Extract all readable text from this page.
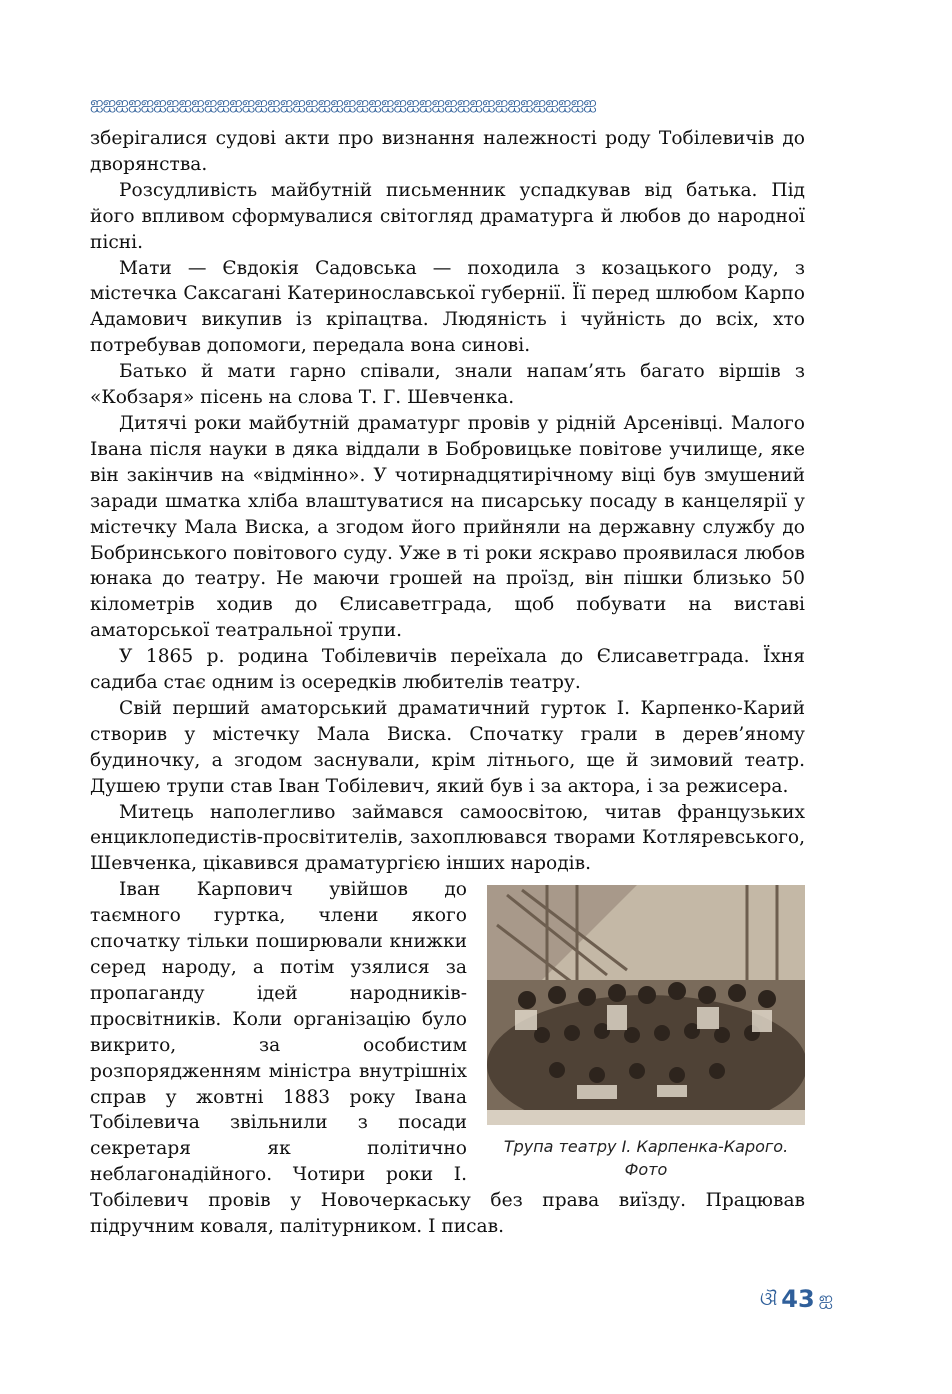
ஐஐஐஐஐஐஐஐஐஐஐஐஐஐஐஐஐஐஐஐஐஐஐஐஐஐஐஐஐஐஐஐஐஐஐஐஐஐஐஐ

зберігалися судові акти про визнання належності роду Тобілевичів до дворянства.

Розсудливість майбутній письменник успадкував від батька. Під його впливом сформувалися світогляд драматурга й любов до народної пісні.

Мати — Євдокія Садовська — походила з козацького роду, з містечка Саксагані Катеринославської губернії. Її перед шлюбом Карпо Адамович викупив із кріпацтва. Людяність і чуйність до всіх, хто потребував допомоги, передала вона синові.

Батько й мати гарно співали, знали напам’ять багато віршів з «Кобзаря» пісень на слова Т. Г. Шевченка.

Дитячі роки майбутній драматург провів у рідній Арсенівці. Малого Івана після науки в дяка віддали в Бобровицьке повітове училище, яке він закінчив на «відмінно». У чотирнадцятирічному віці був змушений заради шматка хліба влаштуватися на писарську посаду в канцелярії у містечку Мала Виска, а згодом його прийняли на державну службу до Бобринського повітового суду. Уже в ті роки яскраво проявилася любов юнака до театру. Не маючи грошей на проїзд, він пішки близько 50 кілометрів ходив до Єлисаветграда, щоб побувати на виставі аматорської театральної трупи.

У 1865 р. родина Тобілевичів переїхала до Єлисаветграда. Їхня садиба стає одним із осередків любителів театру.

Свій перший аматорський драматичний гурток І. Карпенко-Карий створив у містечку Мала Виска. Спочатку грали в дерев’яному будиночку, а згодом заснували, крім літнього, ще й зимовий театр. Душею трупи став Іван Тобілевич, який був і за актора, і за режисера.

Митець наполегливо займався самоосвітою, читав французьких енциклопедистів-просвітителів, захоплювався творами Котляревського, Шевченка, цікавився драматургією інших народів.

Трупа театру І. Карпенка-Карого. Фото

Іван Карпович увійшов до таємного гуртка, члени якого спочатку тільки поширювали книжки серед народу, а потім узялися за пропаганду ідей народників-просвітників. Коли організацію було викрито, за особистим розпорядженням міністра внутрішніх справ у жовтні 1883 року Івана Тобілевича звільнили з посади секретаря як політично неблагонадійного. Чотири роки І. Тобілевич провів у Новочеркаську без права виїзду. Працював підручним коваля, палітурником. І писав.

ଔ 43 ஐ
